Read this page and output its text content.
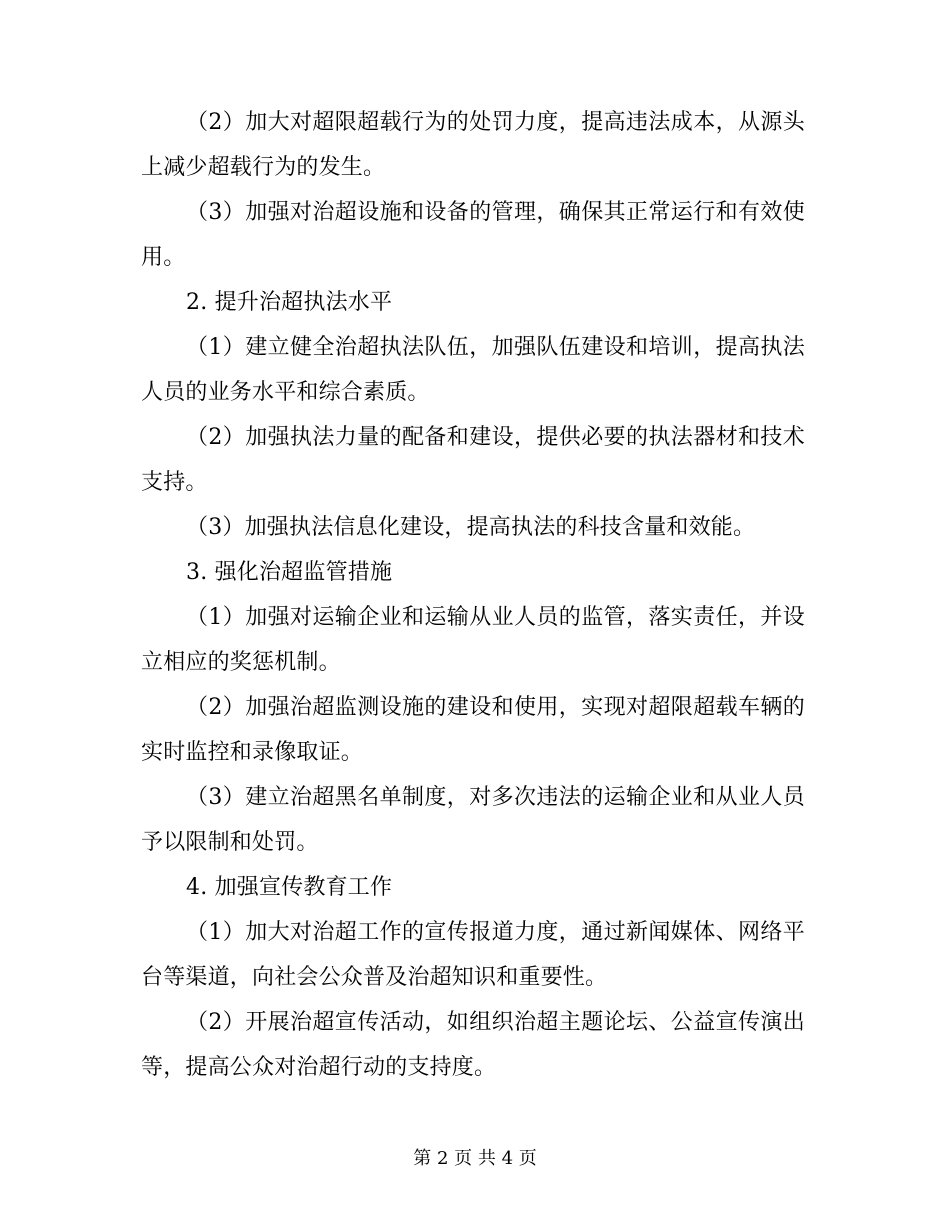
（2）加大对超限超载行为的处罚力度，提高违法成本，从源头上减少超载行为的发生。

（3）加强对治超设施和设备的管理，确保其正常运行和有效使用。

2. 提升治超执法水平

（1）建立健全治超执法队伍，加强队伍建设和培训，提高执法人员的业务水平和综合素质。

（2）加强执法力量的配备和建设，提供必要的执法器材和技术支持。

（3）加强执法信息化建设，提高执法的科技含量和效能。

3. 强化治超监管措施

（1）加强对运输企业和运输从业人员的监管，落实责任，并设立相应的奖惩机制。

（2）加强治超监测设施的建设和使用，实现对超限超载车辆的实时监控和录像取证。

（3）建立治超黑名单制度，对多次违法的运输企业和从业人员予以限制和处罚。

4. 加强宣传教育工作

（1）加大对治超工作的宣传报道力度，通过新闻媒体、网络平台等渠道，向社会公众普及治超知识和重要性。

（2）开展治超宣传活动，如组织治超主题论坛、公益宣传演出等，提高公众对治超行动的支持度。

第 2 页 共 4 页
